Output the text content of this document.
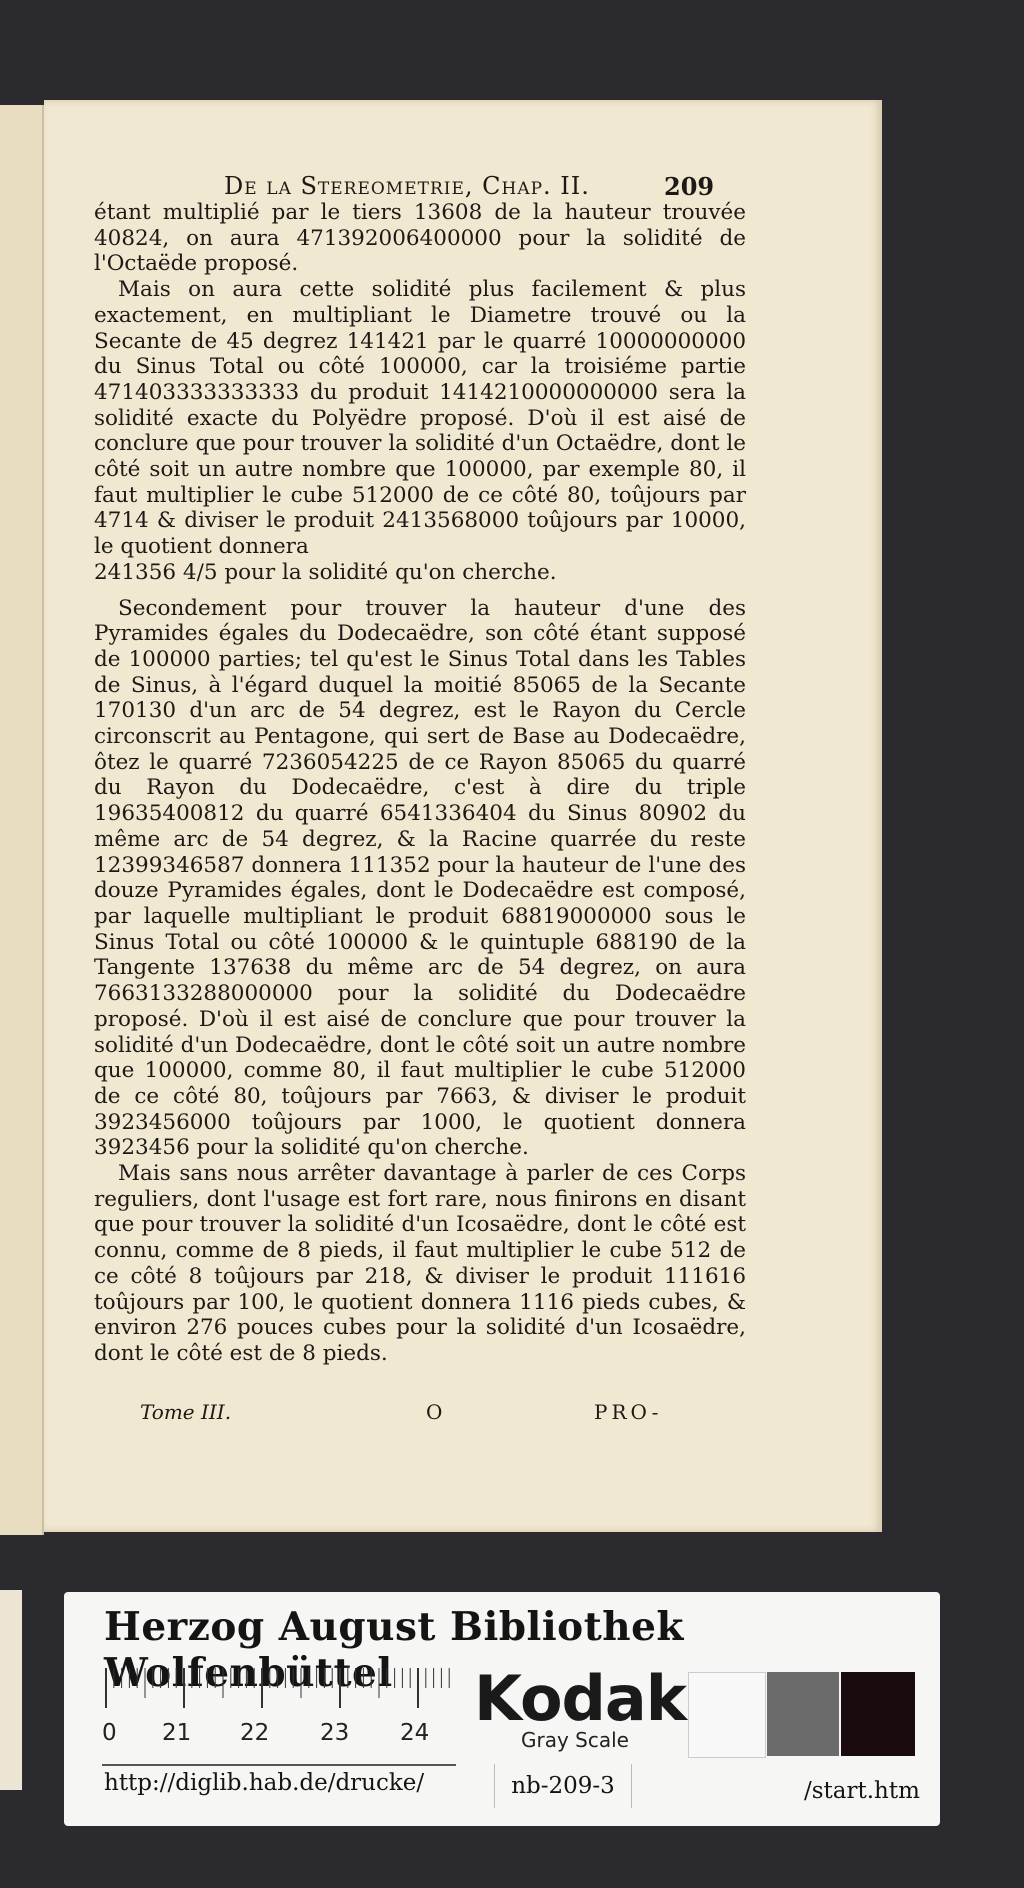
De la Stereometrie, Chap. II.	209

étant multiplié par le tiers 13608 de la hauteur trouvée 40824, on aura 471392006400000 pour la solidité de l'Octaëde proposé.

Mais on aura cette solidité plus facilement & plus exactement, en multipliant le Diametre trouvé ou la Secante de 45 degrez 141421 par le quarré 10000000000 du Sinus Total ou côté 100000, car la troisiéme partie 471403333333333 du produit 1414210000000000 sera la solidité exacte du Polyëdre proposé. D'où il est aisé de conclure que pour trouver la solidité d'un Octaëdre, dont le côté soit un autre nombre que 100000, par exemple 80, il faut multiplier le cube 512000 de ce côté 80, toûjours par 4714 & diviser le produit 2413568000 toûjours par 10000, le quotient donnera

241356 4/5 pour la solidité qu'on cherche.

Secondement pour trouver la hauteur d'une des Pyramides égales du Dodecaëdre, son côté étant supposé de 100000 parties; tel qu'est le Sinus Total dans les Tables de Sinus, à l'égard duquel la moitié 85065 de la Secante 170130 d'un arc de 54 degrez, est le Rayon du Cercle circonscrit au Pentagone, qui sert de Base au Dodecaëdre, ôtez le quarré 7236054225 de ce Rayon 85065 du quarré du Rayon du Dodecaëdre, c'est à dire du triple 19635400812 du quarré 6541336404 du Sinus 80902 du même arc de 54 degrez, & la Racine quarrée du reste 12399346587 donnera 111352 pour la hauteur de l'une des douze Pyramides égales, dont le Dodecaëdre est composé, par laquelle multipliant le produit 68819000000 sous le Sinus Total ou côté 100000 & le quintuple 688190 de la Tangente 137638 du même arc de 54 degrez, on aura 7663133288000000 pour la solidité du Dodecaëdre proposé. D'où il est aisé de conclure que pour trouver la solidité d'un Dodecaëdre, dont le côté soit un autre nombre que 100000, comme 80, il faut multiplier le cube 512000 de ce côté 80, toûjours par 7663, & diviser le produit 3923456000 toûjours par 1000, le quotient donnera 3923456 pour la solidité qu'on cherche.

Mais sans nous arrêter davantage à parler de ces Corps reguliers, dont l'usage est fort rare, nous finirons en disant que pour trouver la solidité d'un Icosaëdre, dont le côté est connu, comme de 8 pieds, il faut multiplier le cube 512 de ce côté 8 toûjours par 218, & diviser le produit 111616 toûjours par 100, le quotient donnera 1116 pieds cubes, & environ 276 pouces cubes pour la solidité d'un Icosaëdre, dont le côté est de 8 pieds.

Tome III.	O	PRO-
Herzog August Bibliothek Wolfenbüttel
0 21 22 23 24 Kodak
Gray Scale
http://diglib.hab.de/drucke/	nb-209-3	/start.htm
